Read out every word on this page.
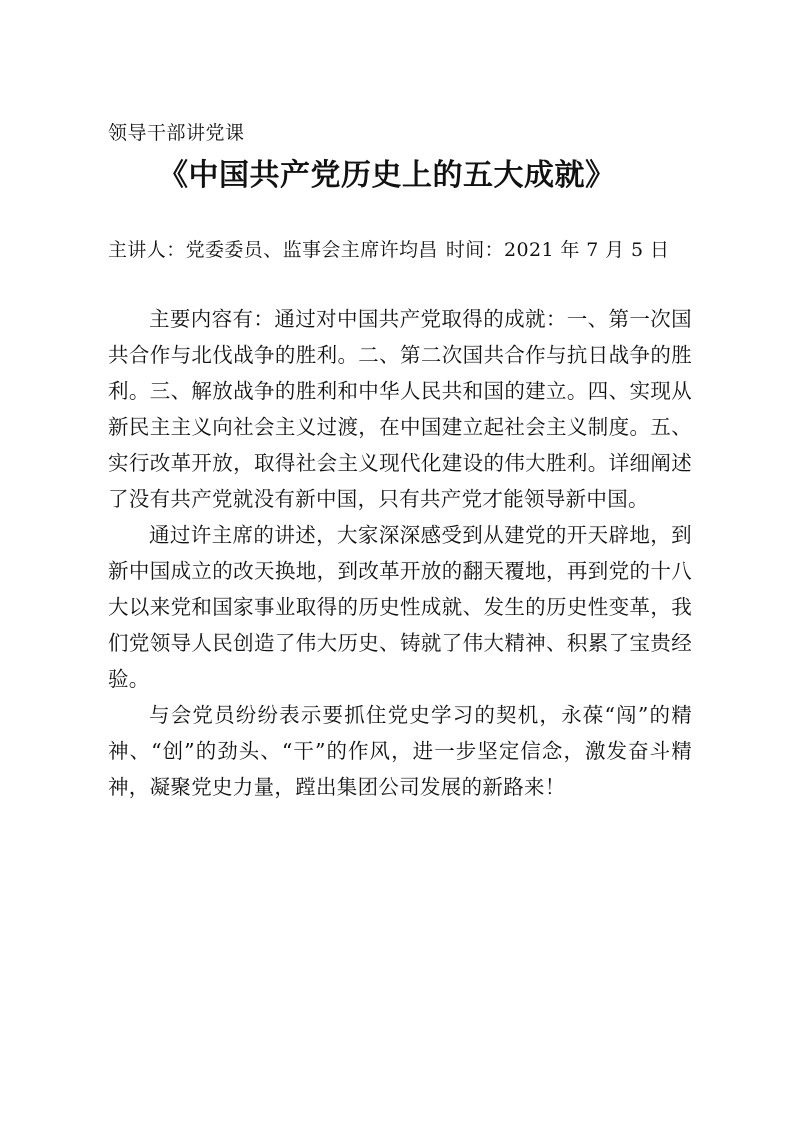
领导干部讲党课
《中国共产党历史上的五大成就》
主讲人：党委委员、监事会主席许均昌 时间：2021 年 7 月 5 日

主要内容有：通过对中国共产党取得的成就：一、第一次国共合作与北伐战争的胜利。二、第二次国共合作与抗日战争的胜利。三、解放战争的胜利和中华人民共和国的建立。四、实现从新民主主义向社会主义过渡，在中国建立起社会主义制度。五、实行改革开放，取得社会主义现代化建设的伟大胜利。详细阐述了没有共产党就没有新中国，只有共产党才能领导新中国。

通过许主席的讲述，大家深深感受到从建党的开天辟地，到新中国成立的改天换地，到改革开放的翻天覆地，再到党的十八大以来党和国家事业取得的历史性成就、发生的历史性变革，我们党领导人民创造了伟大历史、铸就了伟大精神、积累了宝贵经验。

与会党员纷纷表示要抓住党史学习的契机，永葆“闯”的精神、“创”的劲头、“干”的作风，进一步坚定信念，激发奋斗精神，凝聚党史力量，蹚出集团公司发展的新路来！
